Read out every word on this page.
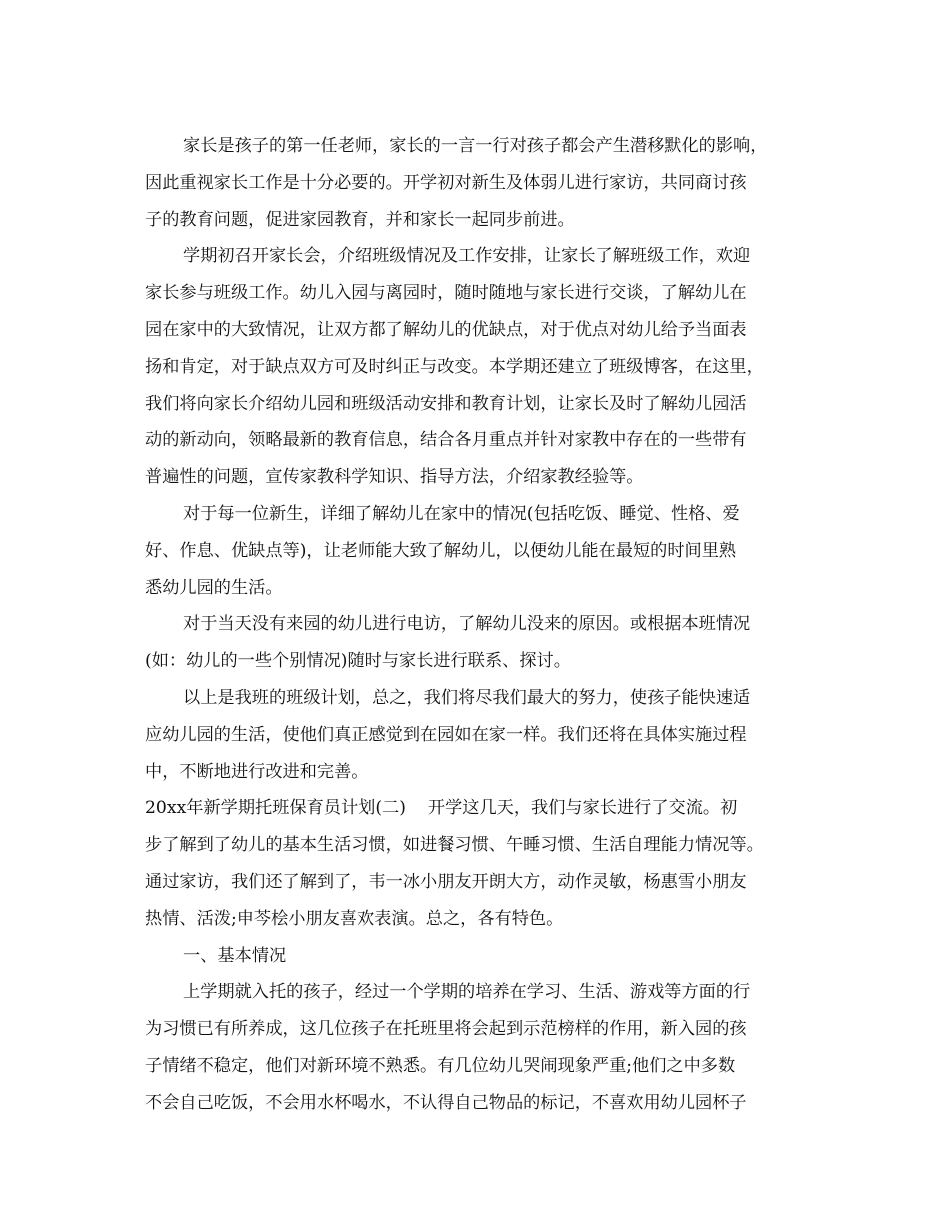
家长是孩子的第一任老师，家长的一言一行对孩子都会产生潜移默化的影响，
因此重视家长工作是十分必要的。开学初对新生及体弱儿进行家访，共同商讨孩
子的教育问题，促进家园教育，并和家长一起同步前进。
学期初召开家长会，介绍班级情况及工作安排，让家长了解班级工作，欢迎
家长参与班级工作。幼儿入园与离园时，随时随地与家长进行交谈，了解幼儿在
园在家中的大致情况，让双方都了解幼儿的优缺点，对于优点对幼儿给予当面表
扬和肯定，对于缺点双方可及时纠正与改变。本学期还建立了班级博客，在这里，
我们将向家长介绍幼儿园和班级活动安排和教育计划，让家长及时了解幼儿园活
动的新动向，领略最新的教育信息，结合各月重点并针对家教中存在的一些带有
普遍性的问题，宣传家教科学知识、指导方法，介绍家教经验等。
对于每一位新生，详细了解幼儿在家中的情况(包括吃饭、睡觉、性格、爱
好、作息、优缺点等)，让老师能大致了解幼儿，以便幼儿能在最短的时间里熟
悉幼儿园的生活。
对于当天没有来园的幼儿进行电访，了解幼儿没来的原因。或根据本班情况
(如：幼儿的一些个别情况)随时与家长进行联系、探讨。
以上是我班的班级计划，总之，我们将尽我们最大的努力，使孩子能快速适
应幼儿园的生活，使他们真正感觉到在园如在家一样。我们还将在具体实施过程
中，不断地进行改进和完善。
20xx年新学期托班保育员计划(二) 开学这几天，我们与家长进行了交流。初
步了解到了幼儿的基本生活习惯，如进餐习惯、午睡习惯、生活自理能力情况等。
通过家访，我们还了解到了，韦一冰小朋友开朗大方，动作灵敏，杨惠雪小朋友
热情、活泼;申芩桧小朋友喜欢表演。总之，各有特色。
一、基本情况
上学期就入托的孩子，经过一个学期的培养在学习、生活、游戏等方面的行
为习惯已有所养成，这几位孩子在托班里将会起到示范榜样的作用，新入园的孩
子情绪不稳定，他们对新环境不熟悉。有几位幼儿哭闹现象严重;他们之中多数
不会自己吃饭，不会用水杯喝水，不认得自己物品的标记，不喜欢用幼儿园杯子
